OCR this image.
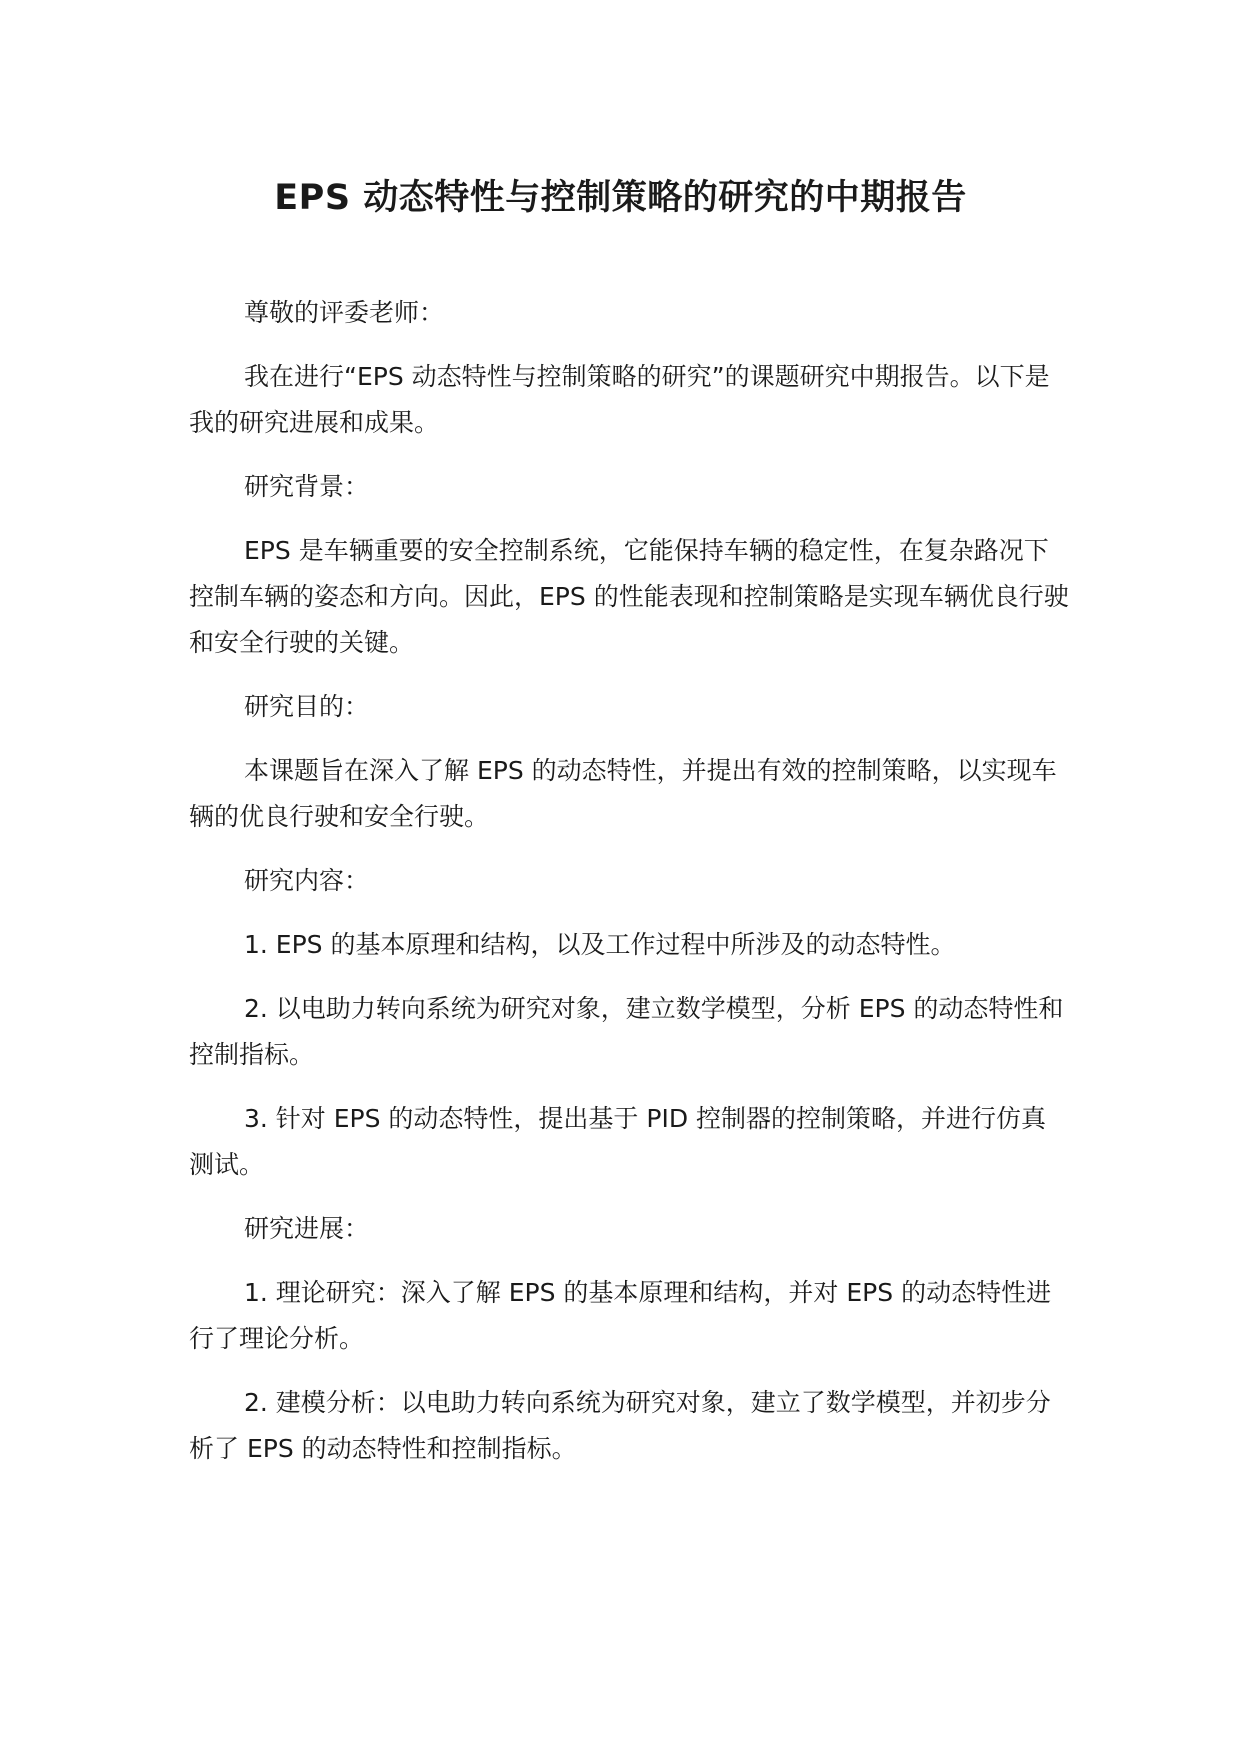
EPS 动态特性与控制策略的研究的中期报告

尊敬的评委老师：

我在进行“EPS 动态特性与控制策略的研究”的课题研究中期报告。以下是我的研究进展和成果。

研究背景：

EPS 是车辆重要的安全控制系统，它能保持车辆的稳定性，在复杂路况下控制车辆的姿态和方向。因此，EPS 的性能表现和控制策略是实现车辆优良行驶和安全行驶的关键。

研究目的：

本课题旨在深入了解 EPS 的动态特性，并提出有效的控制策略，以实现车辆的优良行驶和安全行驶。

研究内容：

1. EPS 的基本原理和结构，以及工作过程中所涉及的动态特性。

2. 以电助力转向系统为研究对象，建立数学模型，分析 EPS 的动态特性和控制指标。

3. 针对 EPS 的动态特性，提出基于 PID 控制器的控制策略，并进行仿真测试。

研究进展：

1. 理论研究：深入了解 EPS 的基本原理和结构，并对 EPS 的动态特性进行了理论分析。

2. 建模分析：以电助力转向系统为研究对象，建立了数学模型，并初步分析了 EPS 的动态特性和控制指标。
